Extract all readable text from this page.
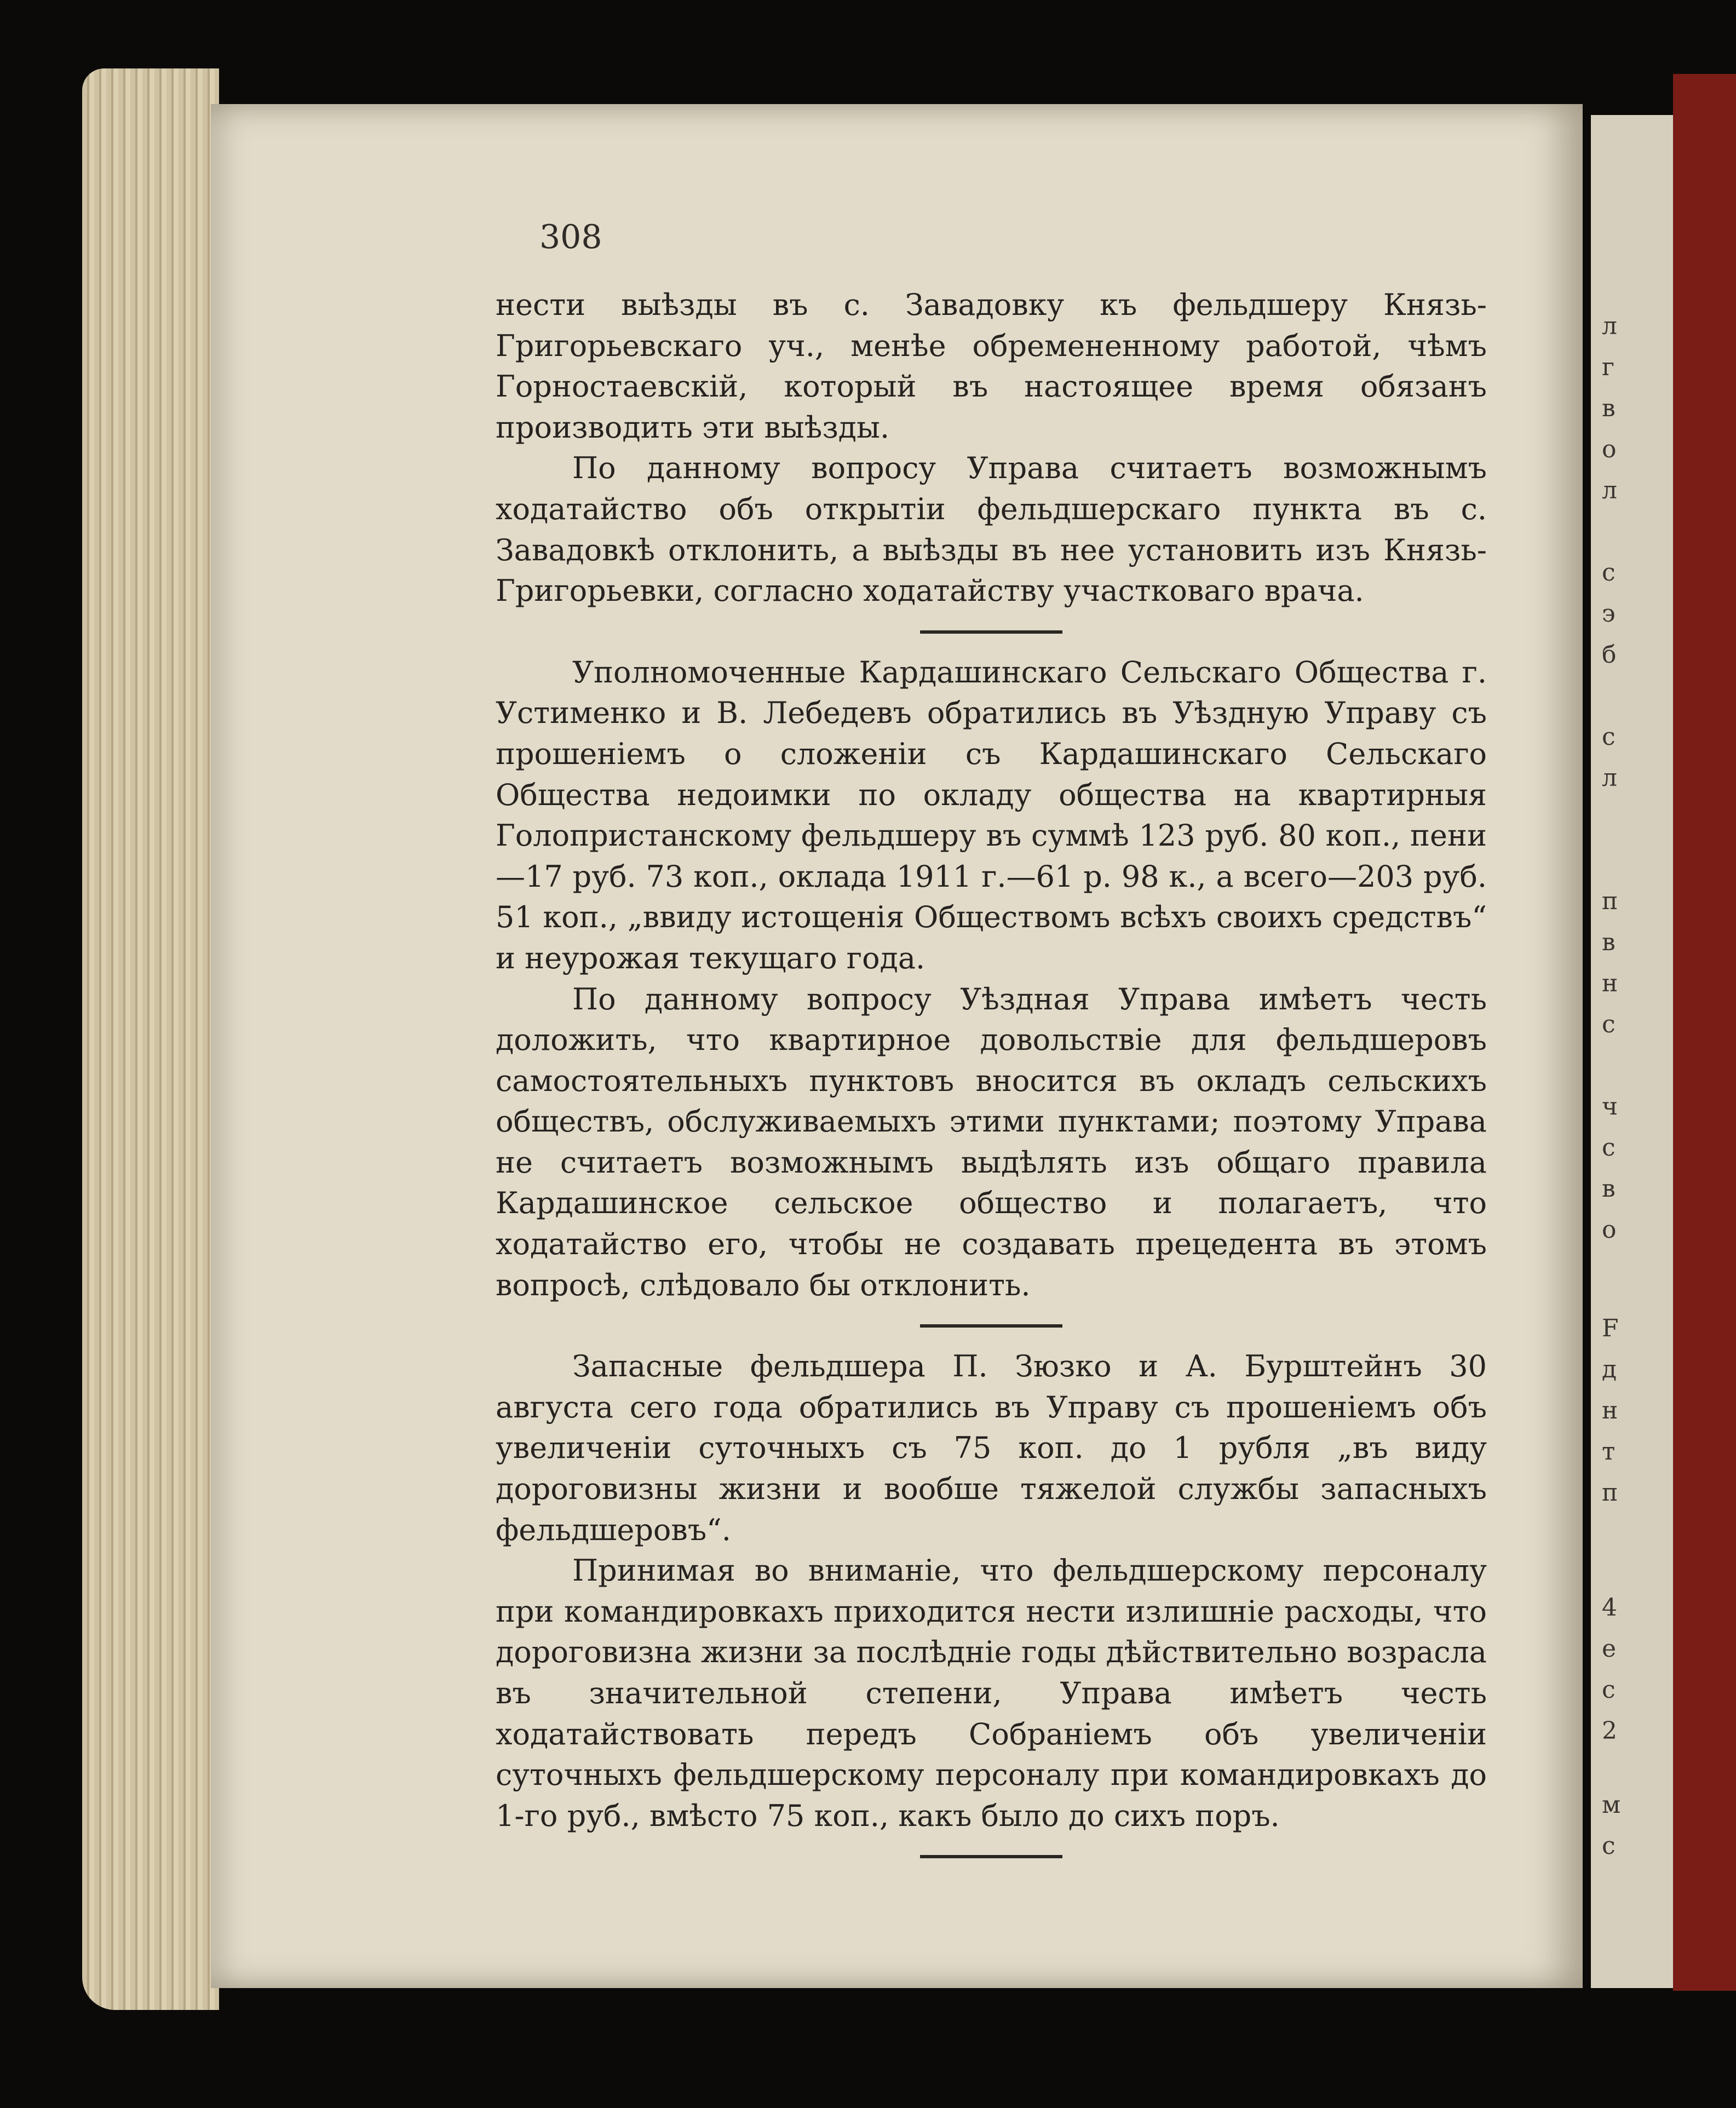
л
г
в
о
л
с
э
б
с
л
п
в
н
с
ч
с
в
о
F
д
н
т
п
4
е
с
2
м
с
308

нести выѣзды въ с. Завадовку къ фельдшеру Князь-Григорьевскаго уч., менѣе обремененному работой, чѣмъ Горностаевскій, который въ настоящее время обязанъ производить эти выѣзды.

По данному вопросу Управа считаетъ возможнымъ ходатайство объ открытіи фельдшерскаго пункта въ с. Завадовкѣ отклонить, а выѣзды въ нее установить изъ Князь-Григорьевки, согласно ходатайству участковаго врача.

Уполномоченные Кардашинскаго Сельскаго Общества г. Устименко и В. Лебедевъ обратились въ Уѣздную Управу съ прошеніемъ о сложеніи съ Кардашинскаго Сельскаго Общества недоимки по окладу общества на квартирныя Голопристанскому фельдшеру въ суммѣ 123 руб. 80 коп., пени—17 руб. 73 коп., оклада 1911 г.—61 р. 98 к., а всего—203 руб. 51 коп., „ввиду истощенія Обществомъ всѣхъ своихъ средствъ“ и неурожая текущаго года.

По данному вопросу Уѣздная Управа имѣетъ честь доложить, что квартирное довольствіе для фельдшеровъ самостоятельныхъ пунктовъ вносится въ окладъ сельскихъ обществъ, обслуживаемыхъ этими пунктами; поэтому Управа не считаетъ возможнымъ выдѣлять изъ общаго правила Кардашинское сельское общество и полагаетъ, что ходатайство его, чтобы не создавать прецедента въ этомъ вопросѣ, слѣдовало бы отклонить.

Запасные фельдшера П. Зюзко и А. Бурштейнъ 30 августа сего года обратились въ Управу съ прошеніемъ объ увеличеніи суточныхъ съ 75 коп. до 1 рубля „въ виду дороговизны жизни и вообше тяжелой службы запасныхъ фельдшеровъ“.

Принимая во вниманіе, что фельдшерскому персоналу при командировкахъ приходится нести излишніе расходы, что дороговизна жизни за послѣдніе годы дѣйствительно возрасла въ значительной степени, Управа имѣетъ честь ходатайствовать передъ Собраніемъ объ увеличеніи суточныхъ фельдшерскому персоналу при командировкахъ до 1-го руб., вмѣсто 75 коп., какъ было до сихъ поръ.
